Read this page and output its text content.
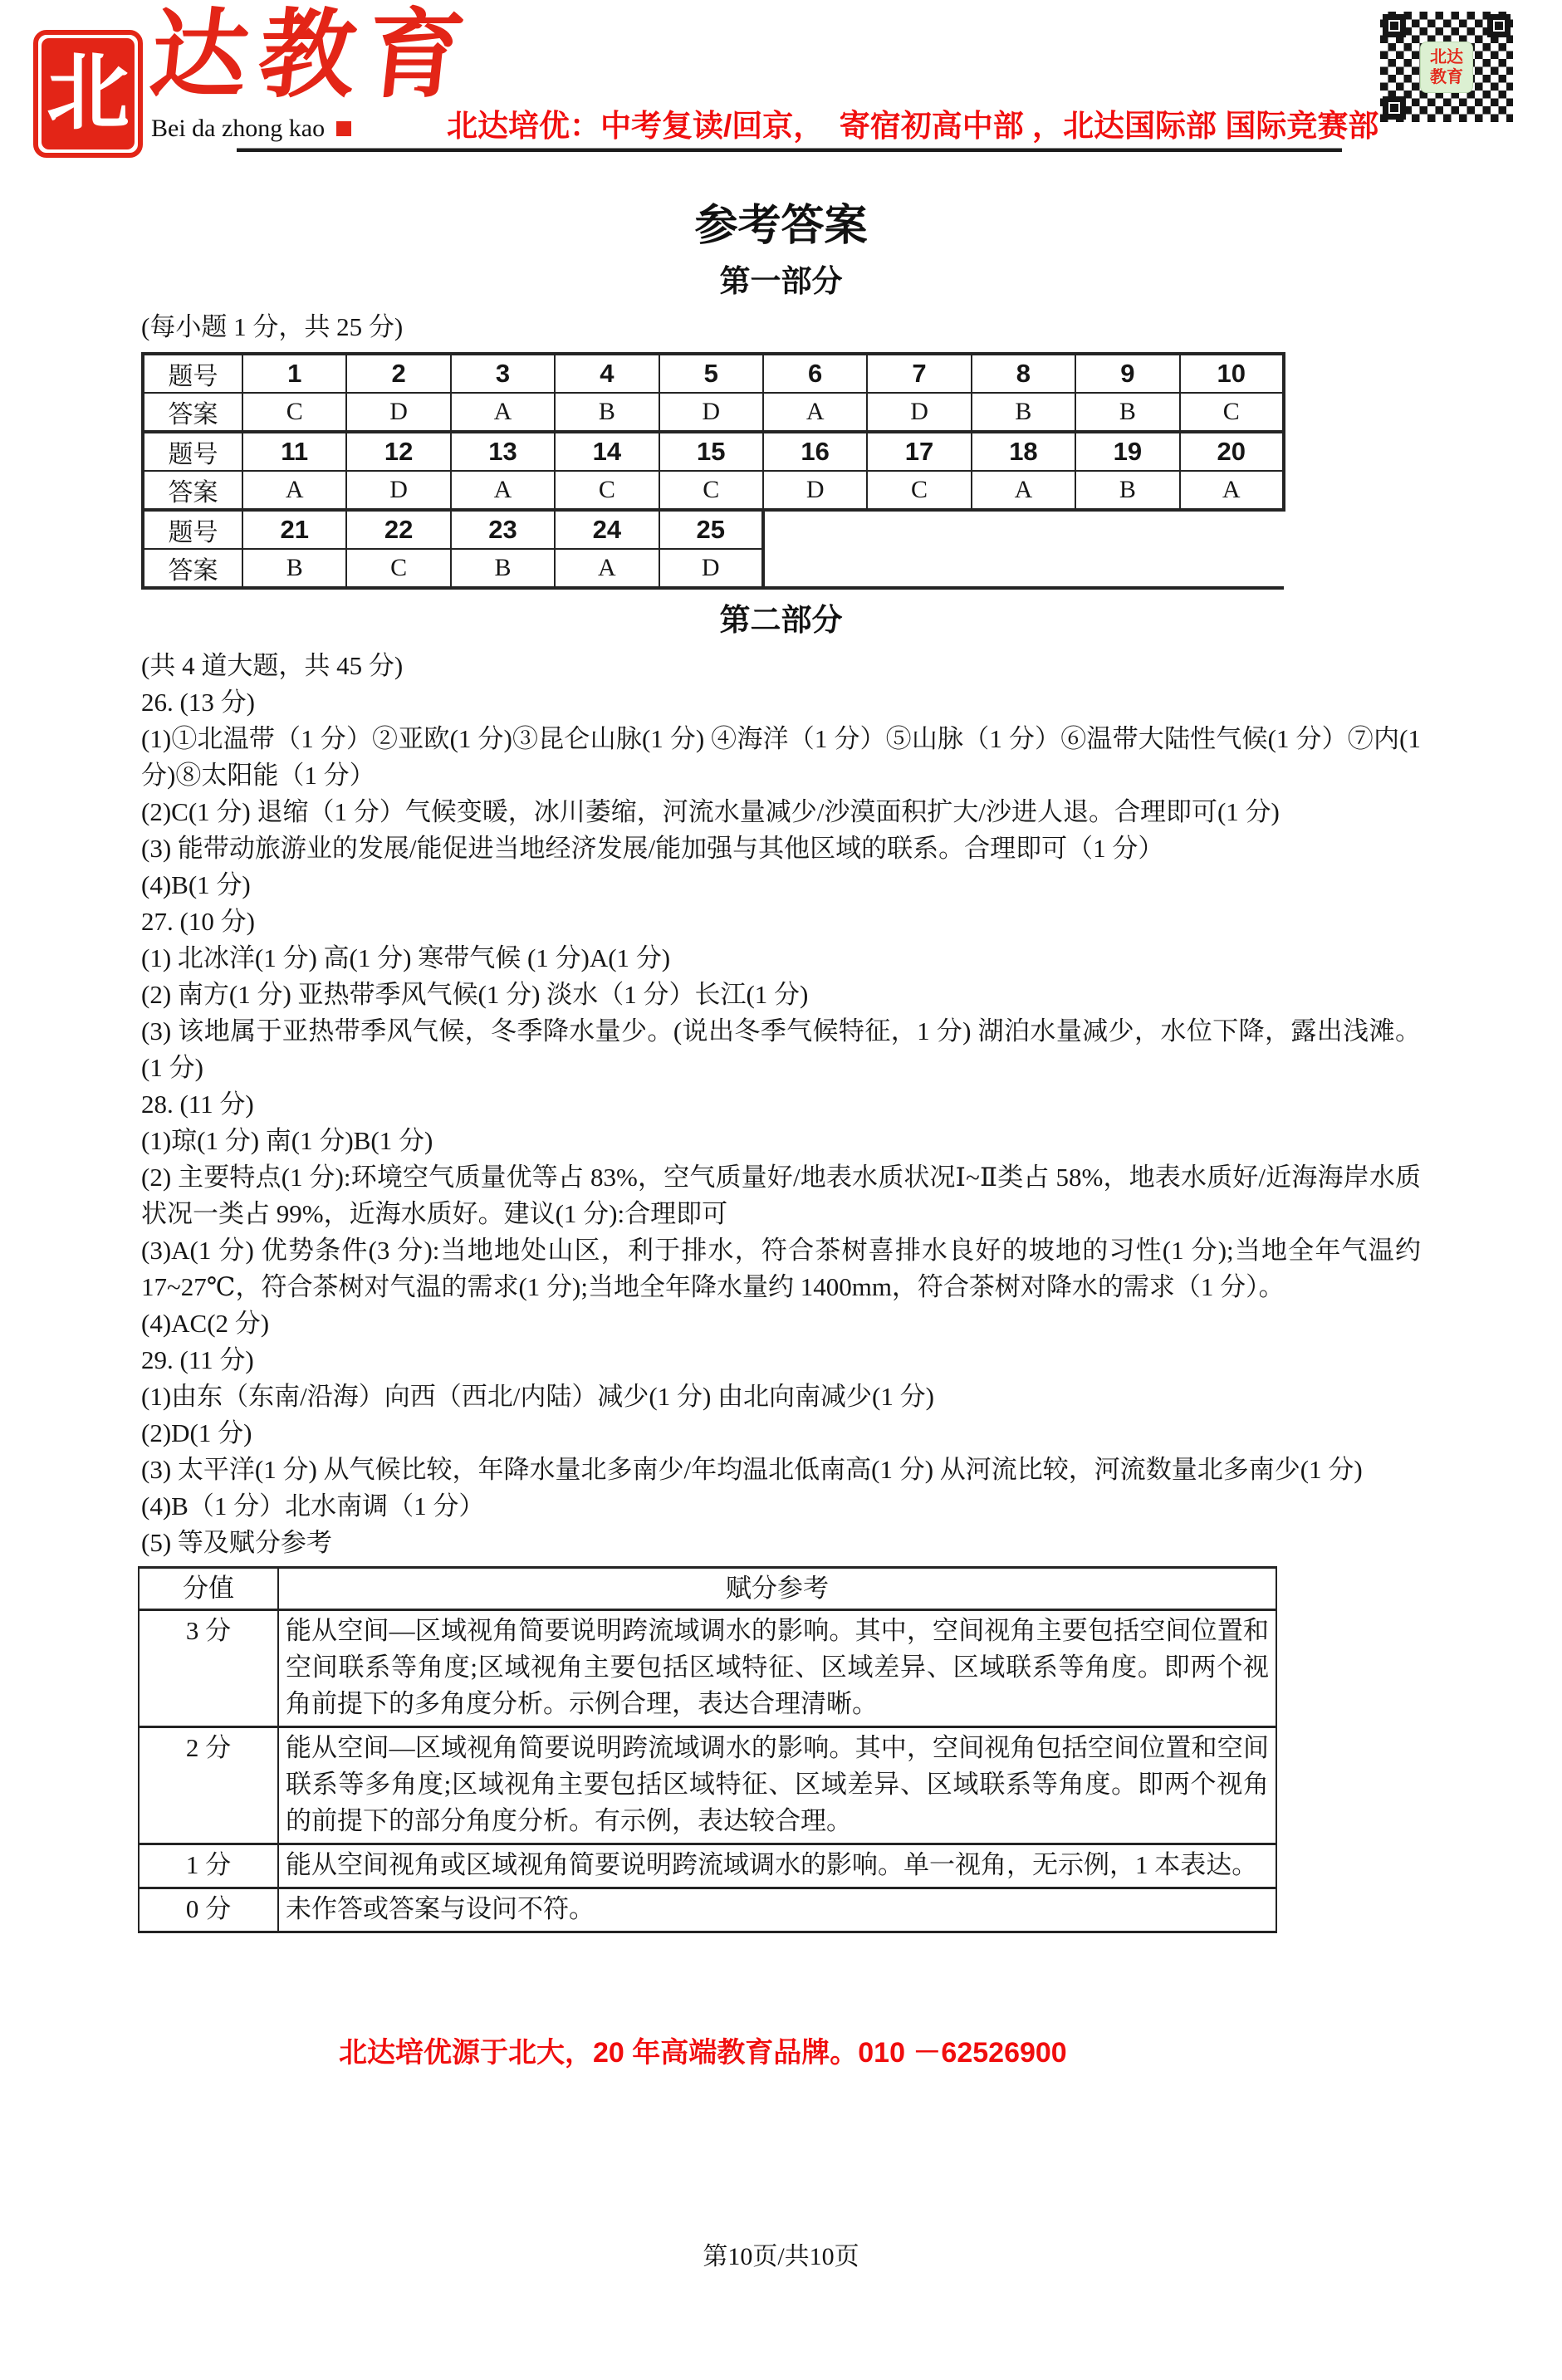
北 达教育
Bei da zhong kao	北达培优：中考复读/回京，　寄宿初高中部 ，北达国际部 国际竞赛部
北达
教育
参考答案
第一部分

(每小题 1 分，共 25 分)

题号	1	2	3	4	5	6	7	8	9	10
答案	C	D	A	B	D	A	D	B	B	C
题号	11	12	13	14	15	16	17	18	19	20
答案	A	D	A	C	C	D	C	A	B	A
题号	21	22	23	24	25					
答案	B	C	B	A	D					
第二部分

(共 4 道大题，共 45 分)

26. (13 分)

(1)①北温带（1 分）②亚欧(1 分)③昆仑山脉(1 分) ④海洋（1 分）⑤山脉（1 分）⑥温带大陆性气候(1 分）⑦内(1 分)⑧太阳能（1 分）

(2)C(1 分) 退缩（1 分）气候变暖，冰川萎缩，河流水量减少/沙漠面积扩大/沙进人退。合理即可(1 分)

(3) 能带动旅游业的发展/能促进当地经济发展/能加强与其他区域的联系。合理即可（1 分）

(4)B(1 分)

27. (10 分)

(1) 北冰洋(1 分) 高(1 分) 寒带气候 (1 分)A(1 分)

(2) 南方(1 分) 亚热带季风气候(1 分) 淡水（1 分）长江(1 分)

(3) 该地属于亚热带季风气候，冬季降水量少。(说出冬季气候特征，1 分) 湖泊水量减少，水位下降，露出浅滩。(1 分)

28. (11 分)

(1)琼(1 分) 南(1 分)B(1 分)

(2) 主要特点(1 分):环境空气质量优等占 83%，空气质量好/地表水质状况Ⅰ~Ⅱ类占 58%，地表水质好/近海海岸水质状况一类占 99%，近海水质好。建议(1 分):合理即可

(3)A(1 分) 优势条件(3 分):当地地处山区，利于排水，符合茶树喜排水良好的坡地的习性(1 分);当地全年气温约 17~27℃，符合茶树对气温的需求(1 分);当地全年降水量约 1400mm，符合茶树对降水的需求（1 分）。

(4)AC(2 分)

29. (11 分)

(1)由东（东南/沿海）向西（西北/内陆）减少(1 分) 由北向南减少(1 分)

(2)D(1 分)

(3) 太平洋(1 分) 从气候比较，年降水量北多南少/年均温北低南高(1 分) 从河流比较，河流数量北多南少(1 分)

(4)B（1 分）北水南调（1 分）

(5) 等及赋分参考

分值	赋分参考
3 分	能从空间—区域视角简要说明跨流域调水的影响。其中，空间视角主要包括空间位置和空间联系等角度;区域视角主要包括区域特征、区域差异、区域联系等角度。即两个视角前提下的多角度分析。示例合理，表达合理清晰。
2 分	能从空间—区域视角简要说明跨流域调水的影响。其中，空间视角包括空间位置和空间联系等多角度;区域视角主要包括区域特征、区域差异、区域联系等角度。即两个视角的前提下的部分角度分析。有示例，表达较合理。
1 分	能从空间视角或区域视角简要说明跨流域调水的影响。单一视角，无示例，1 本表达。
0 分	未作答或答案与设问不符。
北达培优源于北大，20 年高端教育品牌。010 －62526900
第10页/共10页
